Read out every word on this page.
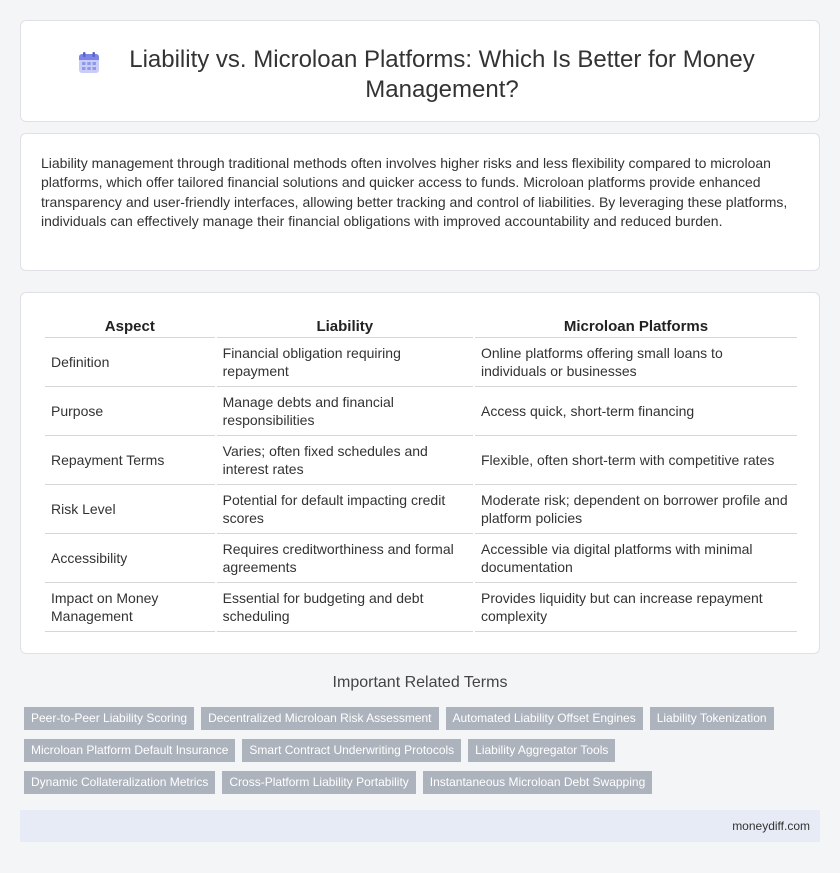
Liability vs. Microloan Platforms: Which Is Better for Money Management?

Liability management through traditional methods often involves higher risks and less flexibility compared to microloan platforms, which offer tailored financial solutions and quicker access to funds. Microloan platforms provide enhanced transparency and user-friendly interfaces, allowing better tracking and control of liabilities. By leveraging these platforms, individuals can effectively manage their financial obligations with improved accountability and reduced burden.

Aspect	Liability	Microloan Platforms
Definition	Financial obligation requiring repayment	Online platforms offering small loans to individuals or businesses
Purpose	Manage debts and financial responsibilities	Access quick, short-term financing
Repayment Terms	Varies; often fixed schedules and interest rates	Flexible, often short-term with competitive rates
Risk Level	Potential for default impacting credit scores	Moderate risk; dependent on borrower profile and platform policies
Accessibility	Requires creditworthiness and formal agreements	Accessible via digital platforms with minimal documentation
Impact on Money Management	Essential for budgeting and debt scheduling	Provides liquidity but can increase repayment complexity
Important Related Terms
Peer-to-Peer Liability Scoring	Decentralized Microloan Risk Assessment	Automated Liability Offset Engines	Liability Tokenization
Microloan Platform Default Insurance	Smart Contract Underwriting Protocols	Liability Aggregator Tools
Dynamic Collateralization Metrics	Cross-Platform Liability Portability	Instantaneous Microloan Debt Swapping
moneydiff.com
